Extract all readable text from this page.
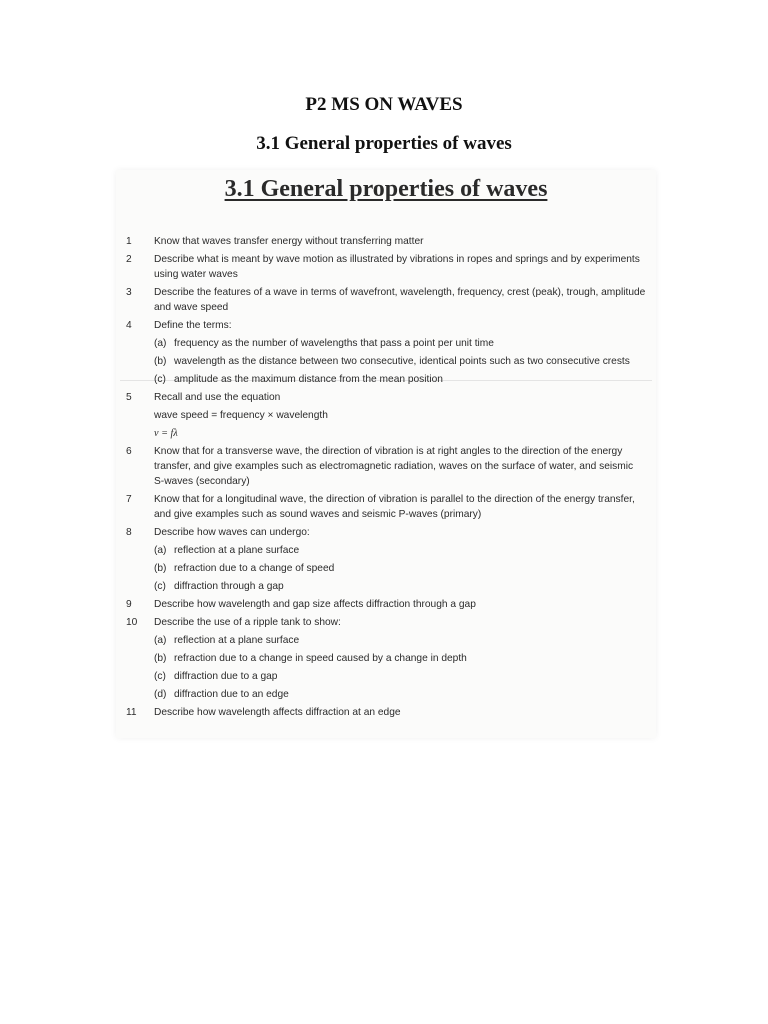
P2 MS ON WAVES
3.1 General properties of waves
3.1 General properties of waves
1	Know that waves transfer energy without transferring matter
2	Describe what is meant by wave motion as illustrated by vibrations in ropes and springs and by experiments using water waves
3	Describe the features of a wave in terms of wavefront, wavelength, frequency, crest (peak), trough, amplitude and wave speed
4	Define the terms:
(a) frequency as the number of wavelengths that pass a point per unit time
(b) wavelength as the distance between two consecutive, identical points such as two consecutive crests
(c) amplitude as the maximum distance from the mean position
5	Recall and use the equation
wave speed = frequency × wavelength
v = fλ
6	Know that for a transverse wave, the direction of vibration is at right angles to the direction of the energy transfer, and give examples such as electromagnetic radiation, waves on the surface of water, and seismic S-waves (secondary)
7	Know that for a longitudinal wave, the direction of vibration is parallel to the direction of the energy transfer, and give examples such as sound waves and seismic P-waves (primary)
8	Describe how waves can undergo:
(a) reflection at a plane surface
(b) refraction due to a change of speed
(c) diffraction through a gap
9	Describe how wavelength and gap size affects diffraction through a gap
10	Describe the use of a ripple tank to show:
(a) reflection at a plane surface
(b) refraction due to a change in speed caused by a change in depth
(c) diffraction due to a gap
(d) diffraction due to an edge
11	Describe how wavelength affects diffraction at an edge
